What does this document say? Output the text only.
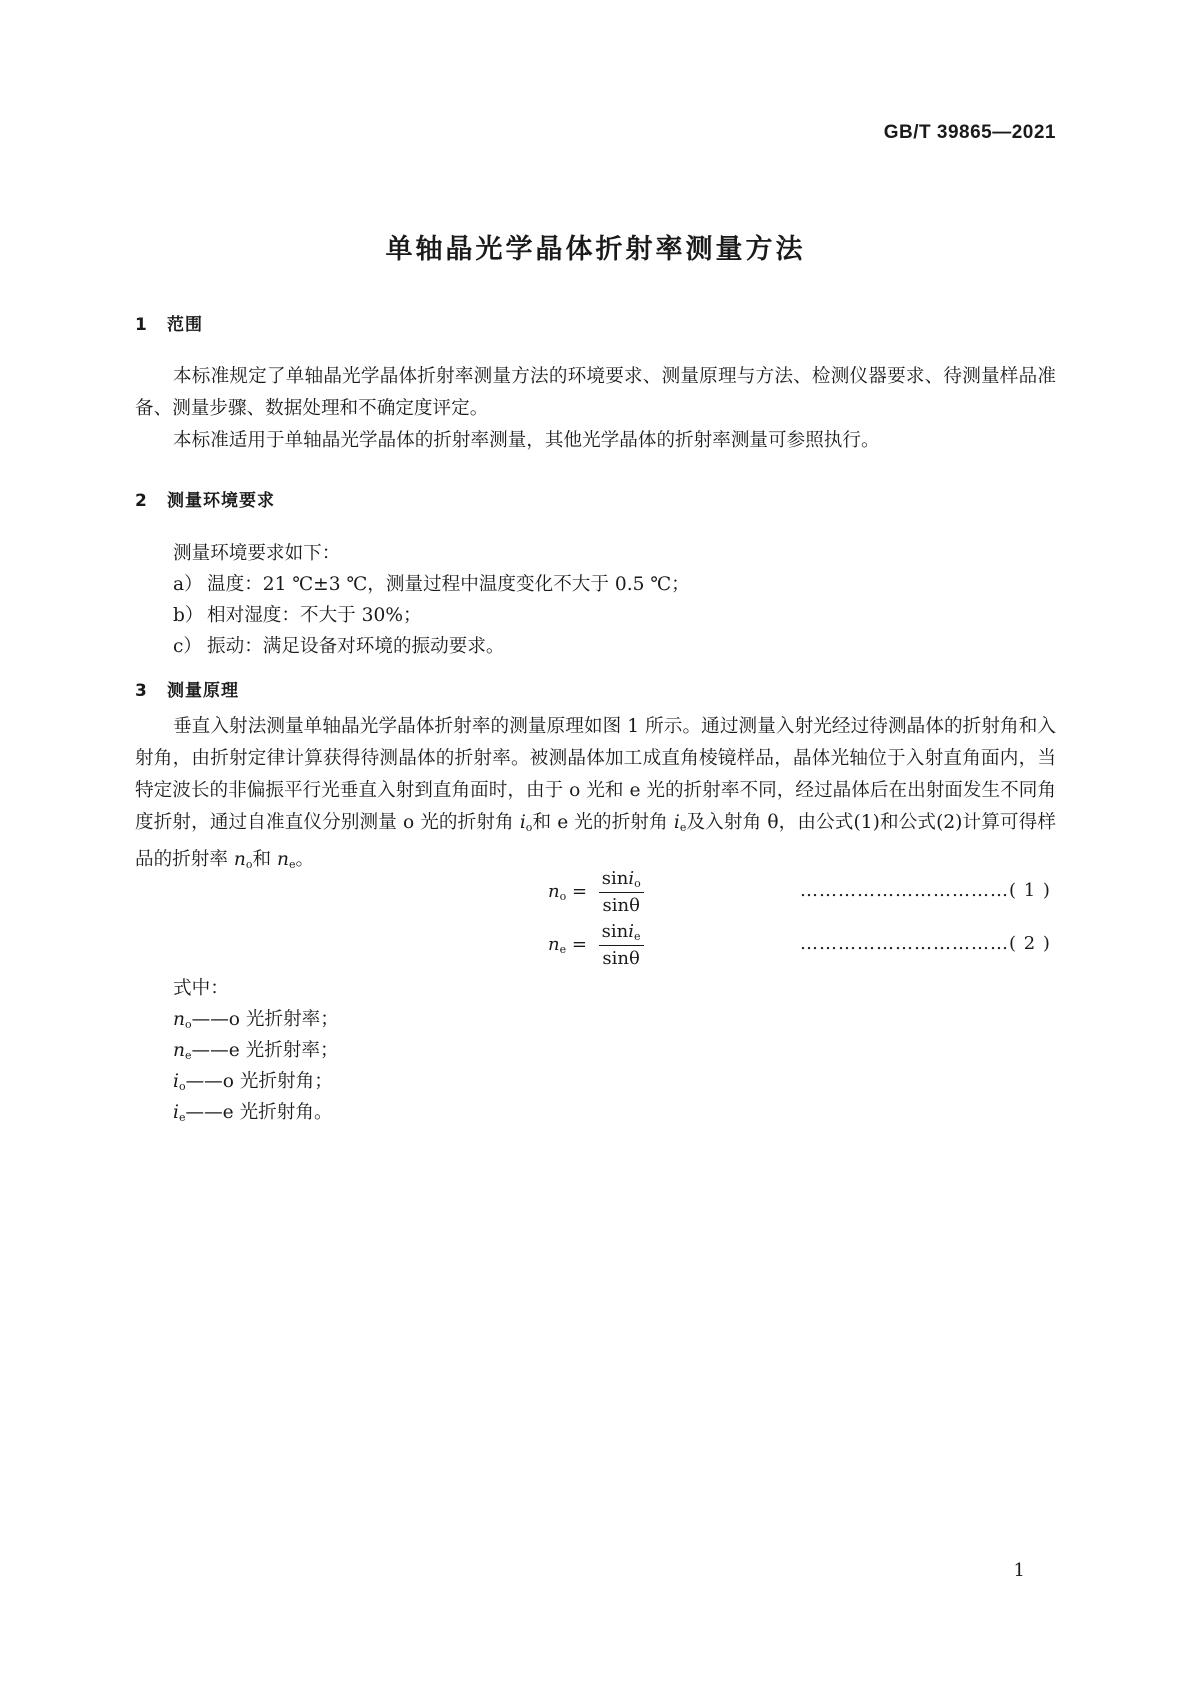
GB/T 39865—2021
单轴晶光学晶体折射率测量方法
1 范围
本标准规定了单轴晶光学晶体折射率测量方法的环境要求、测量原理与方法、检测仪器要求、待测量样品准备、测量步骤、数据处理和不确定度评定。
本标准适用于单轴晶光学晶体的折射率测量，其他光学晶体的折射率测量可参照执行。
2 测量环境要求
测量环境要求如下：
a） 温度：21 ℃±3 ℃，测量过程中温度变化不大于 0.5 ℃；
b） 相对湿度：不大于 30%；
c） 振动：满足设备对环境的振动要求。
3 测量原理
垂直入射法测量单轴晶光学晶体折射率的测量原理如图 1 所示。通过测量入射光经过待测晶体的折射角和入射角，由折射定律计算获得待测晶体的折射率。被测晶体加工成直角棱镜样品，晶体光轴位于入射直角面内，当特定波长的非偏振平行光垂直入射到直角面时，由于 o 光和 e 光的折射率不同，经过晶体后在出射面发生不同角度折射，通过自准直仪分别测量 o 光的折射角 $i_o$和 e 光的折射角 $i_e$及入射角 θ，由公式(1)和公式(2)计算可得样品的折射率 $n_o$和 $n_e$。
$n_o = \frac{\sin i_o}{\sin\theta}$	……………………………( 1 )
$n_e = \frac{\sin i_e}{\sin\theta}$	……………………………( 2 )
式中：
$n_o——o$ 光折射率；
$n_e——e$ 光折射率；
$i_o——o$ 光折射角；
$i_e——e$ 光折射角。
1
